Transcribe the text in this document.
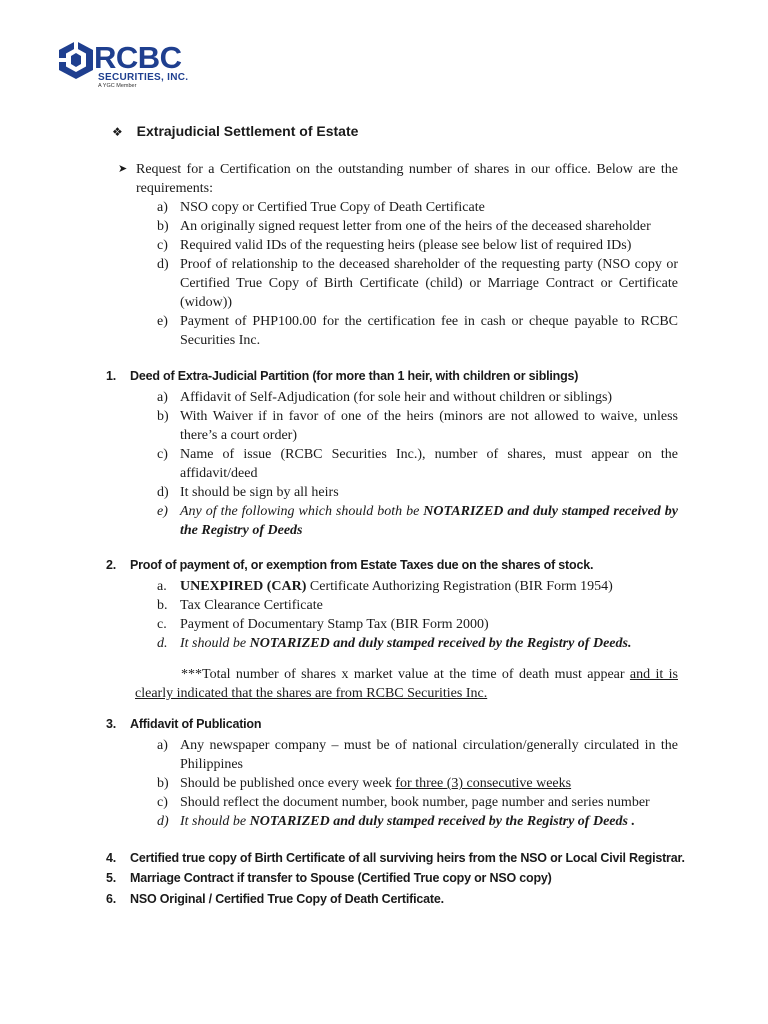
RCBC
SECURITIES, INC.
A YGC Member
❖ Extrajudicial Settlement of Estate
➤ Request for a Certification on the outstanding number of shares in our office. Below are the requirements:
a) NSO copy or Certified True Copy of Death Certificate
b) An originally signed request letter from one of the heirs of the deceased shareholder
c) Required valid IDs of the requesting heirs (please see below list of required IDs)
d) Proof of relationship to the deceased shareholder of the requesting party (NSO copy or Certified True Copy of Birth Certificate (child) or Marriage Contract or Certificate (widow))
e) Payment of PHP100.00 for the certification fee in cash or cheque payable to RCBC Securities Inc.
1. Deed of Extra-Judicial Partition (for more than 1 heir, with children or siblings)
a) Affidavit of Self-Adjudication (for sole heir and without children or siblings)
b) With Waiver if in favor of one of the heirs (minors are not allowed to waive, unless there’s a court order)
c) Name of issue (RCBC Securities Inc.), number of shares, must appear on the affidavit/deed
d) It should be sign by all heirs
e) Any of the following which should both be NOTARIZED and duly stamped received by the Registry of Deeds
2. Proof of payment of, or exemption from Estate Taxes due on the shares of stock.
a. UNEXPIRED (CAR) Certificate Authorizing Registration (BIR Form 1954)
b. Tax Clearance Certificate
c. Payment of Documentary Stamp Tax (BIR Form 2000)
d. It should be NOTARIZED and duly stamped received by the Registry of Deeds.
***Total number of shares x market value at the time of death must appear and it is clearly indicated that the shares are from RCBC Securities Inc.
3. Affidavit of Publication
a) Any newspaper company – must be of national circulation/generally circulated in the Philippines
b) Should be published once every week for three (3) consecutive weeks
c) Should reflect the document number, book number, page number and series number
d) It should be NOTARIZED and duly stamped received by the Registry of Deeds .
4. Certified true copy of Birth Certificate of all surviving heirs from the NSO or Local Civil Registrar.
5. Marriage Contract if transfer to Spouse (Certified True copy or NSO copy)
6. NSO Original / Certified True Copy of Death Certificate.
